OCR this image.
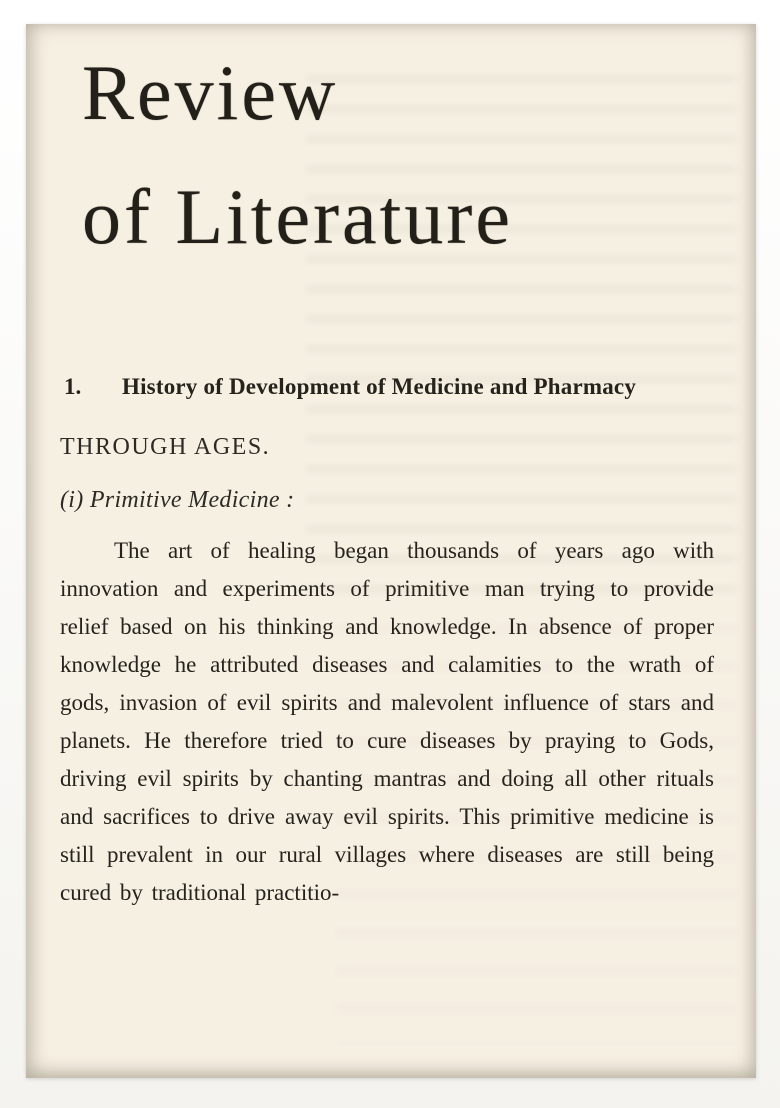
Review
of Literature
1.	History of Development of Medicine and Pharmacy
THROUGH AGES.
(i) Primitive Medicine :

The art of healing began thousands of years ago with innovation and experiments of primitive man trying to provide relief based on his thinking and knowledge. In absence of proper knowledge he attributed diseases and calamities to the wrath of gods, invasion of evil spirits and malevolent influence of stars and planets. He therefore tried to cure diseases by praying to Gods, driving evil spirits by chanting mantras and doing all other rituals and sacrifices to drive away evil spirits. This primitive medicine is still prevalent in our rural villages where diseases are still being cured by traditional practitio-
